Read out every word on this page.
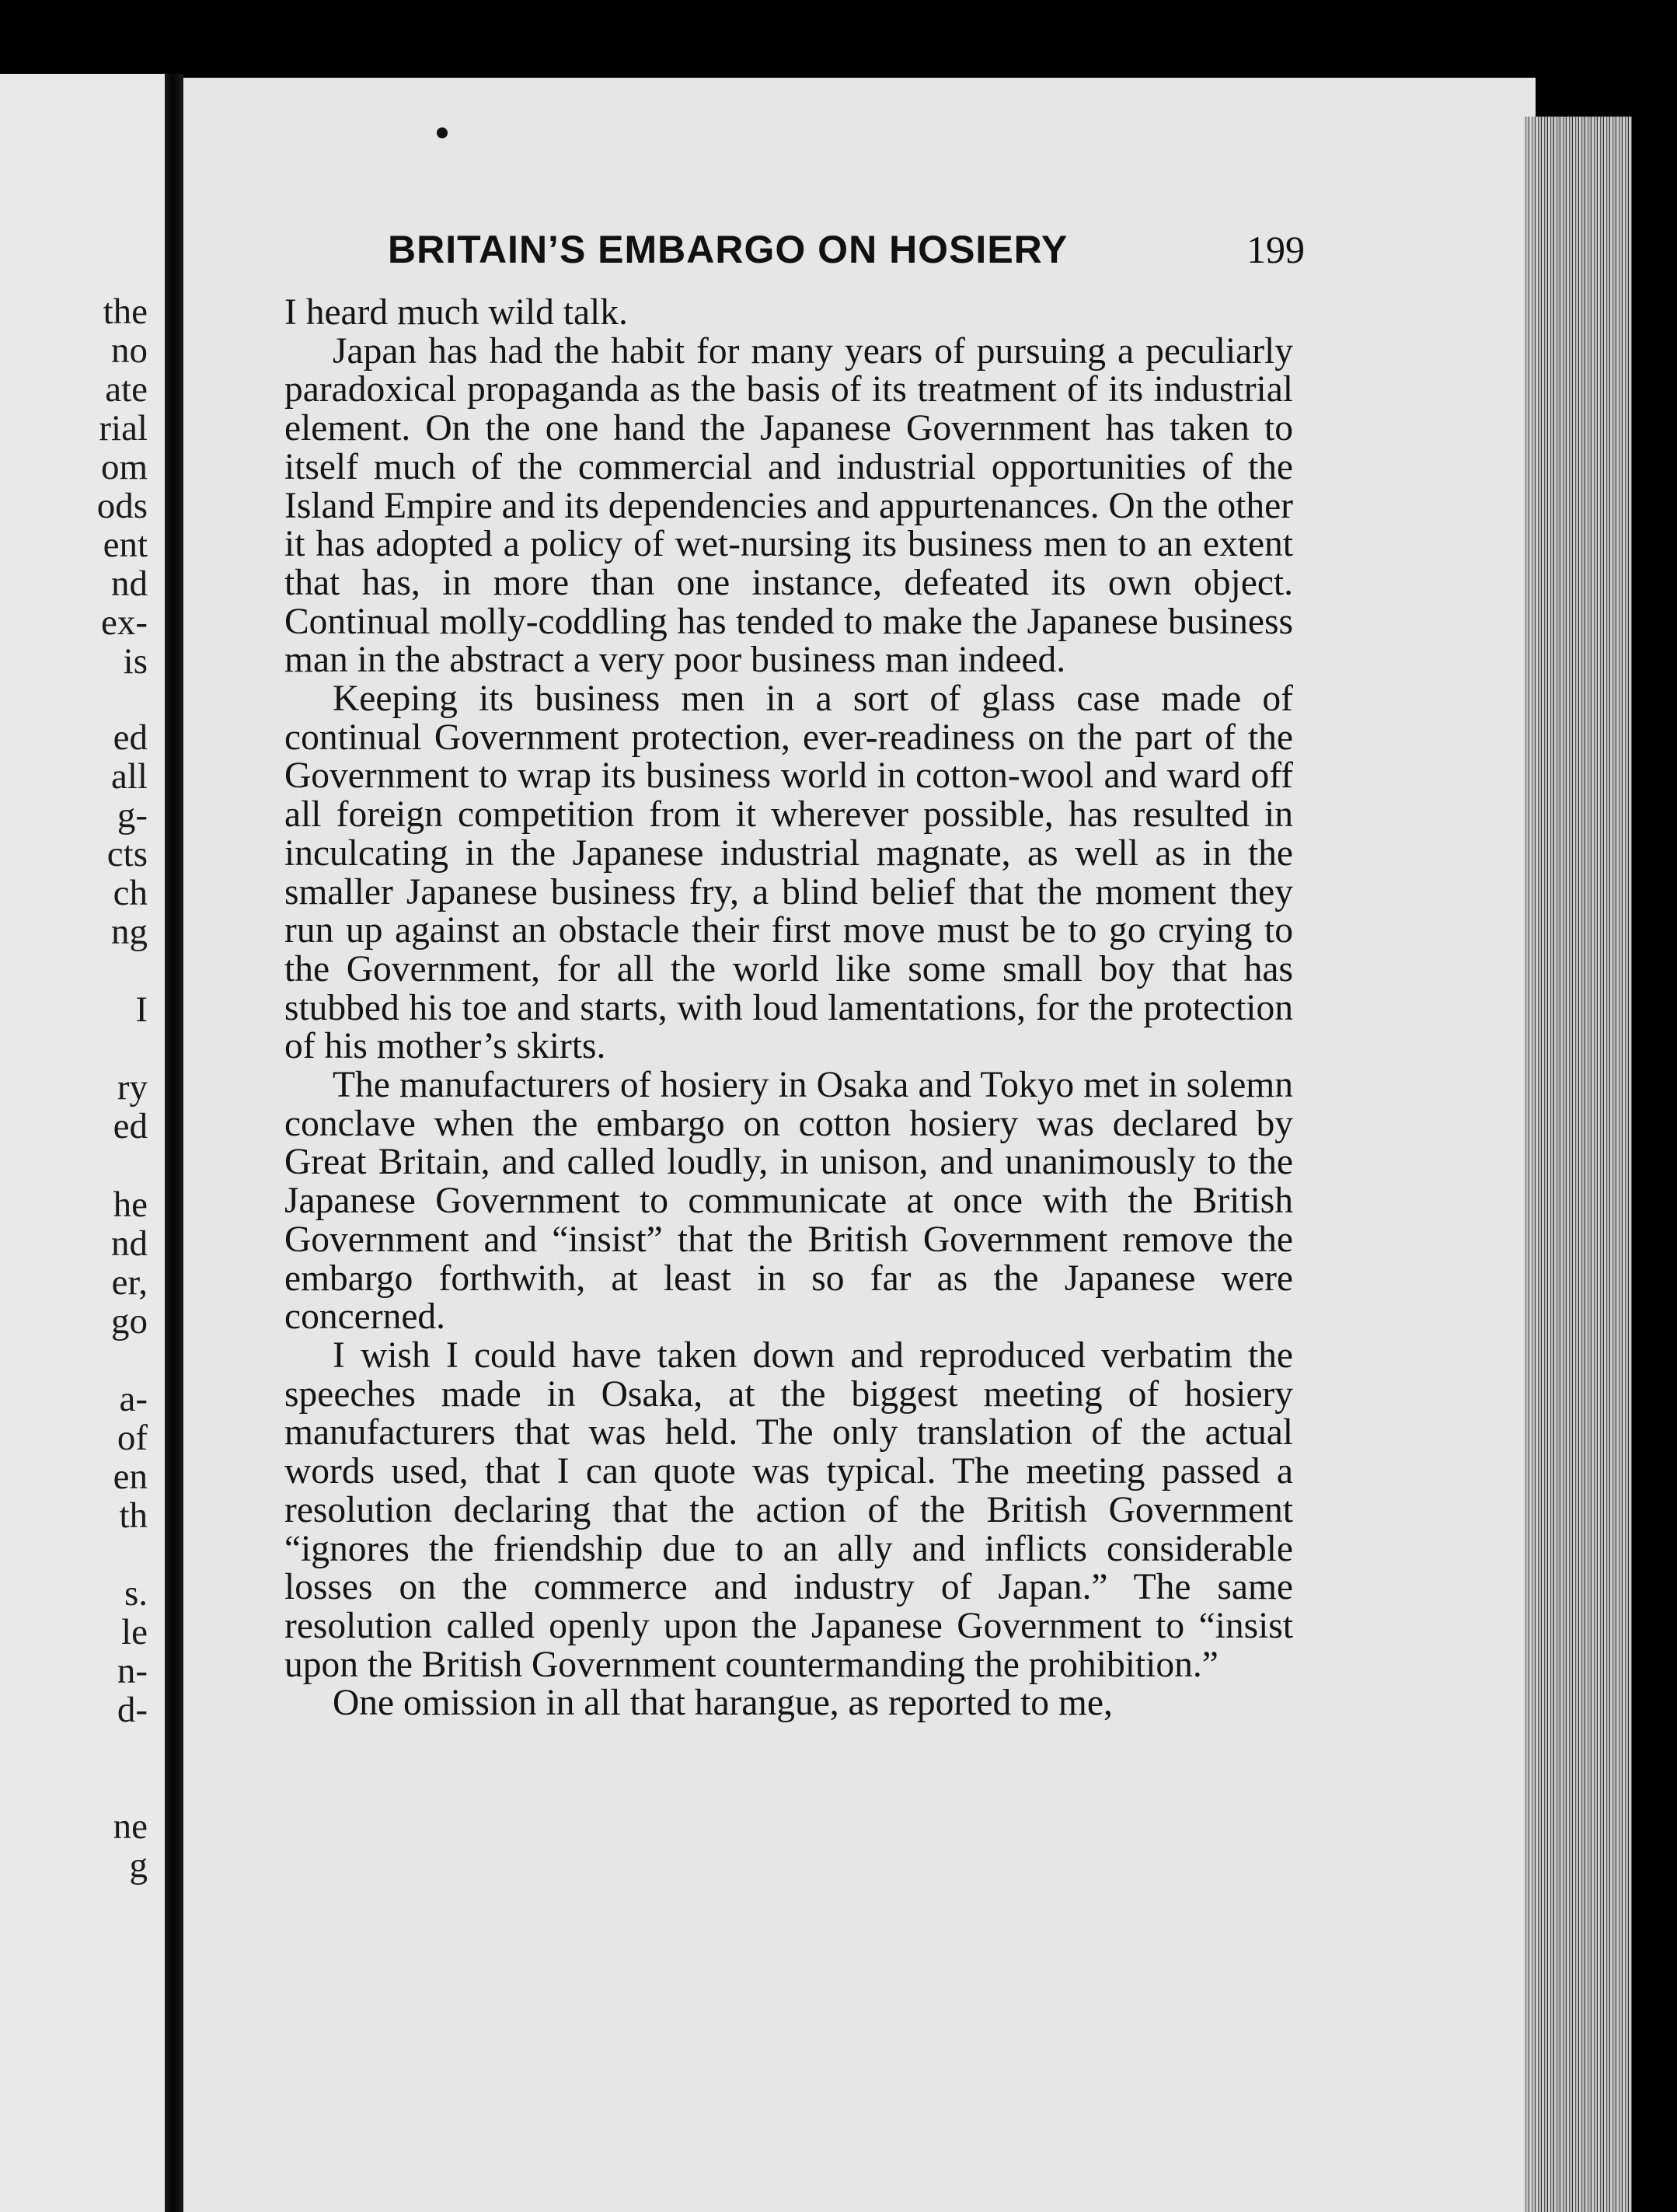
the
no
ate
rial
om
ods
ent
nd
ex-
is
ed
all
g-
cts
ch
ng
I
ry
ed
he
nd
er,
go
a-
of
en
th
s.
le
n-
d-
ne
g
BRITAIN’S EMBARGO ON HOSIERY	199

I heard much wild talk.

Japan has had the habit for many years of pursuing a peculiarly paradoxical propaganda as the basis of its treatment of its industrial element. On the one hand the Japanese Government has taken to itself much of the commercial and industrial opportunities of the Island Empire and its dependencies and appurtenances. On the other it has adopted a policy of wet-nursing its business men to an extent that has, in more than one instance, defeated its own object. Continual molly-coddling has tended to make the Japanese business man in the abstract a very poor business man indeed.

Keeping its business men in a sort of glass case made of continual Government protection, ever-readiness on the part of the Government to wrap its business world in cotton-wool and ward off all foreign competition from it wherever possible, has resulted in inculcating in the Japanese industrial magnate, as well as in the smaller Japanese business fry, a blind belief that the moment they run up against an obstacle their first move must be to go crying to the Government, for all the world like some small boy that has stubbed his toe and starts, with loud lamentations, for the protection of his mother’s skirts.

The manufacturers of hosiery in Osaka and Tokyo met in solemn conclave when the embargo on cotton hosiery was declared by Great Britain, and called loudly, in unison, and unanimously to the Japanese Government to communicate at once with the British Government and “insist” that the British Government remove the embargo forthwith, at least in so far as the Japanese were concerned.

I wish I could have taken down and reproduced verbatim the speeches made in Osaka, at the biggest meeting of hosiery manufacturers that was held. The only translation of the actual words used, that I can quote was typical. The meeting passed a resolution declaring that the action of the British Government “ignores the friendship due to an ally and inflicts considerable losses on the commerce and industry of Japan.” The same resolution called openly upon the Japanese Government to “insist upon the British Government countermanding the prohibition.”

One omission in all that harangue, as reported to me,
